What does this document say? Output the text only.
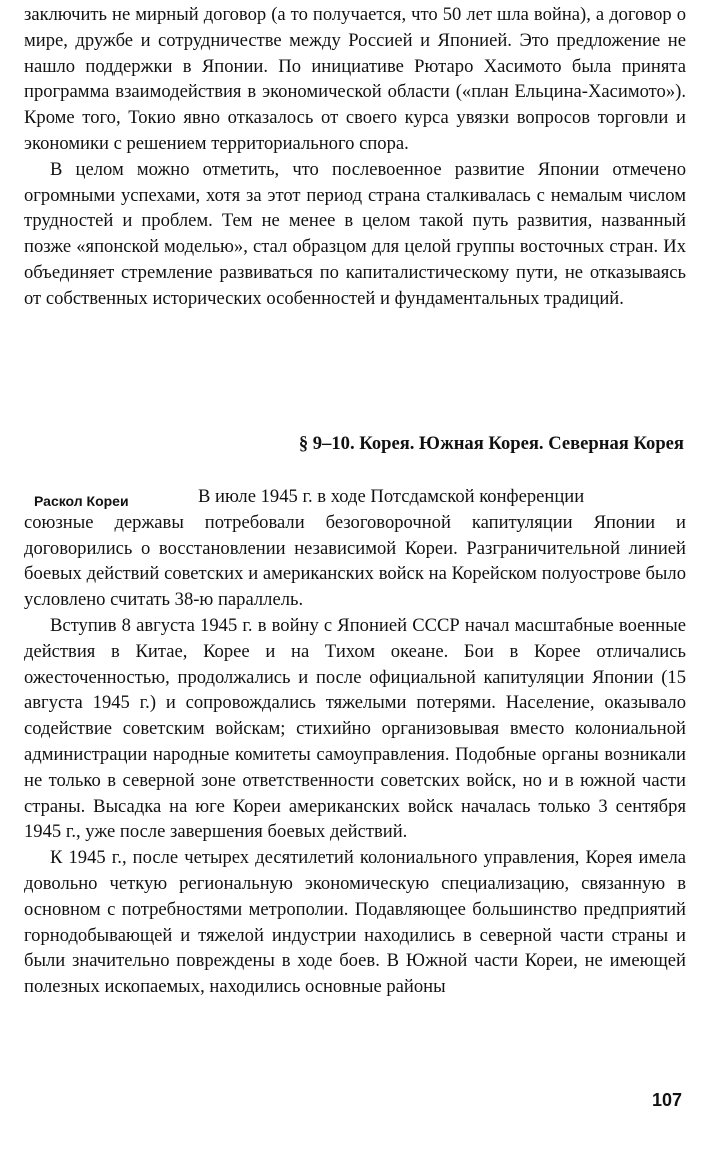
заключить не мирный договор (а то получается, что 50 лет шла война), а договор о мире, дружбе и сотрудничестве между Россией и Японией. Это предложение не нашло поддержки в Японии. По инициативе Рютаро Хасимото была принята программа взаимодействия в экономической области («план Ельцина-Хасимото»). Кроме того, Токио явно отказалось от своего курса увязки вопросов торговли и экономики с решением территориального спора.

В целом можно отметить, что послевоенное развитие Японии отмечено огромными успехами, хотя за этот период страна сталкивалась с немалым числом трудностей и проблем. Тем не менее в целом такой путь развития, названный позже «японской моделью», стал образцом для целой группы восточных стран. Их объединяет стремление развиваться по капиталистическому пути, не отказываясь от собственных исторических особенностей и фундаментальных традиций.

§ 9–10. Корея. Южная Корея. Северная Корея
Раскол Кореи	В июле 1945 г. в ходе Потсдамской конференции

союзные державы потребовали безоговорочной капитуляции Японии и договорились о восстановлении независимой Кореи. Разграничительной линией боевых действий советских и американских войск на Корейском полуострове было условлено считать 38-ю параллель.

Вступив 8 августа 1945 г. в войну с Японией СССР начал масштабные военные действия в Китае, Корее и на Тихом океане. Бои в Корее отличались ожесточенностью, продолжались и после официальной капитуляции Японии (15 августа 1945 г.) и сопровождались тяжелыми потерями. Население, оказывало содействие советским войскам; стихийно организовывая вместо колониальной администрации народные комитеты самоуправления. Подобные органы возникали не только в северной зоне ответственности советских войск, но и в южной части страны. Высадка на юге Кореи американских войск началась только 3 сентября 1945 г., уже после завершения боевых действий.

К 1945 г., после четырех десятилетий колониального управления, Корея имела довольно четкую региональную экономическую специализацию, связанную в основном с потребностями метрополии. Подавляющее большинство предприятий горнодобывающей и тяжелой индустрии находились в северной части страны и были значительно повреждены в ходе боев. В Южной части Кореи, не имеющей полезных ископаемых, находились основные районы

107
